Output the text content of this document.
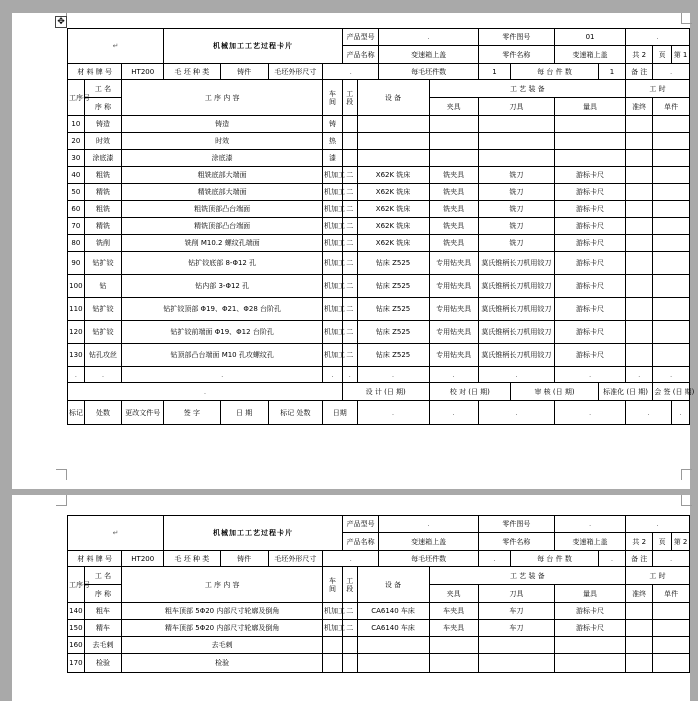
✥
↵			机械加工工艺过程卡片				产品型号		.		零件图号		01		.		
							产品名称		变速箱上盖		零件名称		变速箱上盖		共 2	页	第 1
材 料 牌 号		HT200	毛 坯 种 类	铸件	毛坯外形尺寸	.			每毛坯件数		1	每 台 件 数		1	备 注	.	
工序号	工 名	工 序 内 容				车
间	工
段	设 备		工 艺 装 备					工 时		
	序 称									夹具	刀具		量具		准终	单件	
10	铸造	铸造				铸											
20	时效	时效				热											
30	涂底漆	涂底漆				漆											
40	粗铣	粗铣底部大端面				机加工	二	X62K 铣床		铣夹具	铣刀		游标卡尺				
50	精铣	精铣底部大端面				机加工	二	X62K 铣床		铣夹具	铣刀		游标卡尺				
60	粗铣	粗铣顶部凸台端面				机加工	二	X62K 铣床		铣夹具	铣刀		游标卡尺				
70	精铣	精铣顶部凸台端面				机加工	二	X62K 铣床		铣夹具	铣刀		游标卡尺				
80	铣削	铣削 M10.2 螺纹孔端面				机加工	二	X62K 铣床		铣夹具	铣刀		游标卡尺				
90	钻扩铰	钻扩铰底部 8-Φ12 孔				机加工	二	钻床 Z525		专用钻夹具	莫氏锥柄长刀机用铰刀		游标卡尺				
100	钻	钻内部 3-Φ12 孔				机加工	二	钻床 Z525		专用钻夹具	莫氏锥柄长刀机用铰刀		游标卡尺				
110	钻扩铰	钻扩铰顶部 Φ19、Φ21、Φ28 台阶孔				机加工	二	钻床 Z525		专用钻夹具	莫氏锥柄长刀机用铰刀		游标卡尺				
120	钻扩铰	钻扩铰前端面 Φ19、Φ12 台阶孔				机加工	二	钻床 Z525		专用钻夹具	莫氏锥柄长刀机用铰刀		游标卡尺				
130	钻孔攻丝	钻顶部凸台端面 M10 孔攻螺纹孔				机加工	二	钻床 Z525		专用钻夹具	莫氏锥柄长刀机用铰刀		游标卡尺				
.	.	.				.	.	.		.	.		.		.	.	
.							设 计 (日 期)			校 对 (日 期)		审 核 (日 期)		标准化 (日 期)		会 签 (日 期)	
标记	处数	更改文件号	签 字	日 期	标记 处数	日期		.		.	.		.		.		.
↵			机械加工工艺过程卡片				产品型号		.		零件图号		.		.		
							产品名称		变速箱上盖		零件名称		变速箱上盖		共 2	页	第 2
材 料 牌 号		HT200	毛 坯 种 类	铸件	毛坯外形尺寸	.			每毛坯件数		.	每 台 件 数		.	备 注	.	
工序号	工 名	工 序 内 容				车
间	工
段	设 备		工 艺 装 备					工 时		
	序 称									夹具	刀具		量具		准终	单件	
140	粗车	粗车顶部 5Φ20 内部尺寸轮廓及倒角				机加工	二	CA6140 车床		车夹具	车刀		游标卡尺				
150	精车	精车顶部 5Φ20 内部尺寸轮廓及倒角				机加工	二	CA6140 车床		车夹具	车刀		游标卡尺				
160	去毛刺	去毛刺															
170	检验	检验															
